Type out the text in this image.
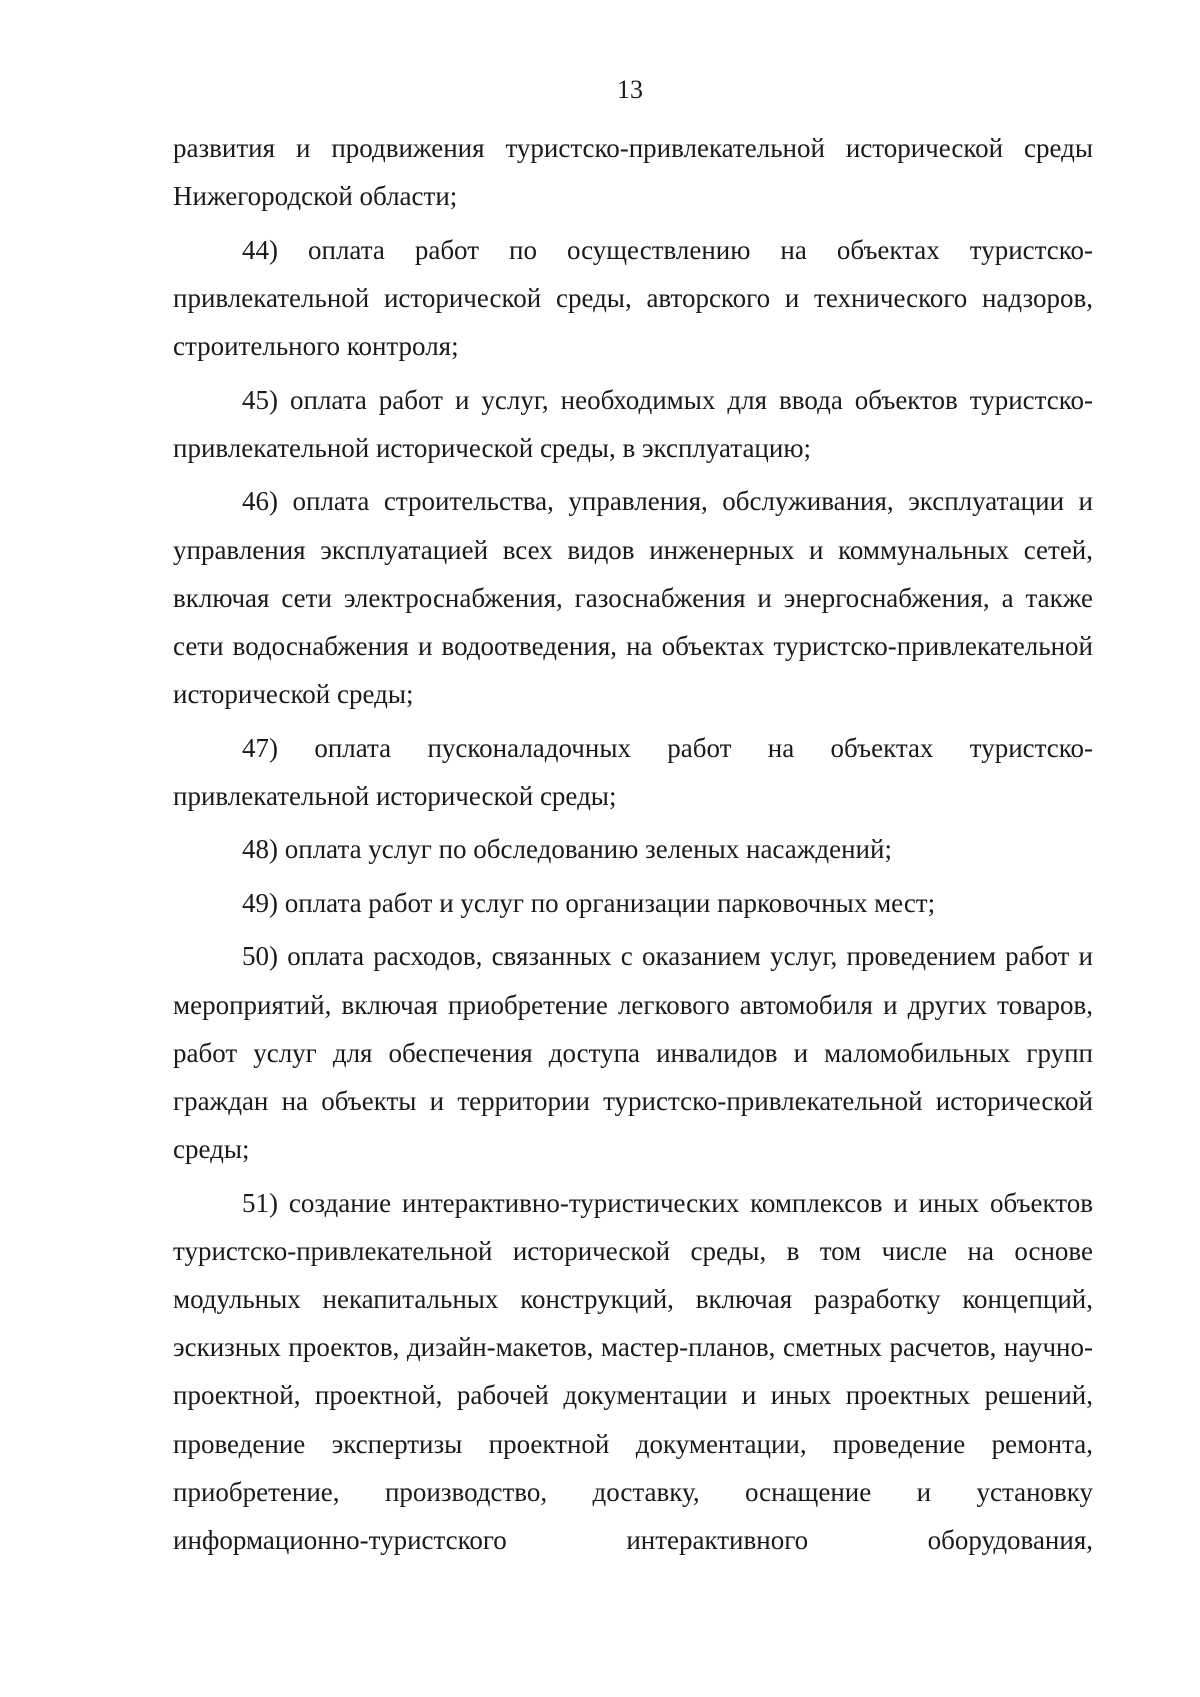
13

развития и продвижения туристско-привлекательной исторической среды Нижегородской области;

44) оплата работ по осуществлению на объектах туристско-привлекательной исторической среды, авторского и технического надзоров, строительного контроля;

45) оплата работ и услуг, необходимых для ввода объектов туристско-привлекательной исторической среды, в эксплуатацию;

46) оплата строительства, управления, обслуживания, эксплуатации и управления эксплуатацией всех видов инженерных и коммунальных сетей, включая сети электроснабжения, газоснабжения и энергоснабжения, а также сети водоснабжения и водоотведения, на объектах туристско-привлекательной исторической среды;

47) оплата пусконаладочных работ на объектах туристско-привлекательной исторической среды;

48) оплата услуг по обследованию зеленых насаждений;

49) оплата работ и услуг по организации парковочных мест;

50) оплата расходов, связанных с оказанием услуг, проведением работ и мероприятий, включая приобретение легкового автомобиля и других товаров, работ услуг для обеспечения доступа инвалидов и маломобильных групп граждан на объекты и территории туристско-привлекательной исторической среды;

51) создание интерактивно-туристических комплексов и иных объектов туристско-привлекательной исторической среды, в том числе на основе модульных некапитальных конструкций, включая разработку концепций, эскизных проектов, дизайн-макетов, мастер-планов, сметных расчетов, научно-проектной, проектной, рабочей документации и иных проектных решений, проведение экспертизы проектной документации, проведение ремонта, приобретение, производство, доставку, оснащение и установку информационно-туристского интерактивного оборудования,
